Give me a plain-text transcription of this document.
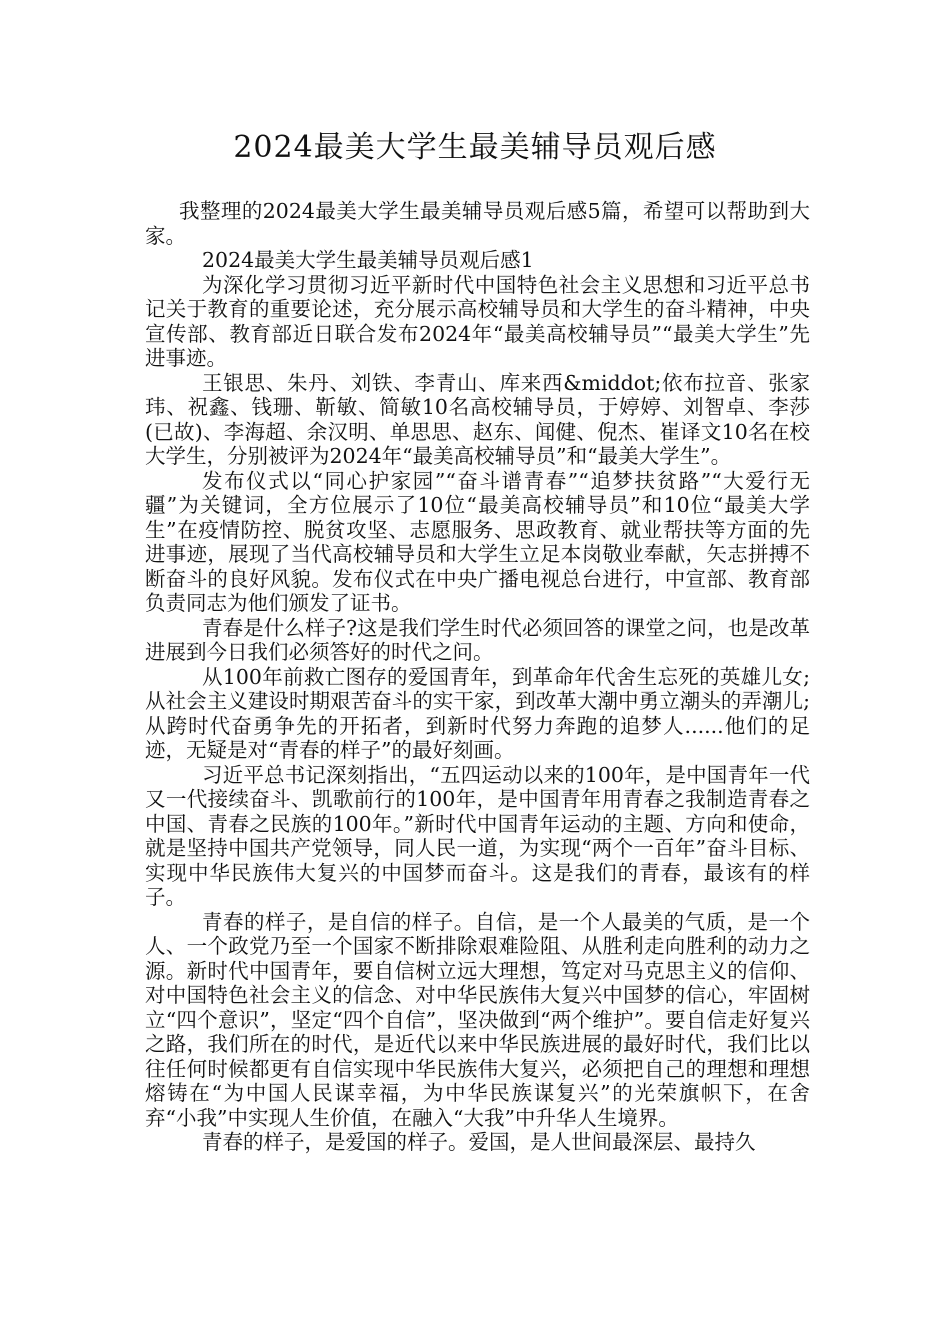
2024最美大学生最美辅导员观后感

我整理的2024最美大学生最美辅导员观后感5篇，希望可以帮助到大家。

2024最美大学生最美辅导员观后感1

为深化学习贯彻习近平新时代中国特色社会主义思想和习近平总书记关于教育的重要论述，充分展示高校辅导员和大学生的奋斗精神，中央宣传部、教育部近日联合发布2024年“最美高校辅导员”“最美大学生”先进事迹。

王银思、朱丹、刘铁、李青山、库来西&middot;依布拉音、张家玮、祝鑫、钱珊、靳敏、简敏10名高校辅导员，于婷婷、刘智卓、李莎(已故)、李海超、余汉明、单思思、赵东、闻健、倪杰、崔译文10名在校大学生，分别被评为2024年“最美高校辅导员”和“最美大学生”。

发布仪式以“同心护家园”“奋斗谱青春”“追梦扶贫路”“大爱行无疆”为关键词，全方位展示了10位“最美高校辅导员”和10位“最美大学生”在疫情防控、脱贫攻坚、志愿服务、思政教育、就业帮扶等方面的先进事迹，展现了当代高校辅导员和大学生立足本岗敬业奉献，矢志拼搏不断奋斗的良好风貌。发布仪式在中央广播电视总台进行，中宣部、教育部负责同志为他们颁发了证书。

青春是什么样子?这是我们学生时代必须回答的课堂之问，也是改革进展到今日我们必须答好的时代之问。

从100年前救亡图存的爱国青年，到革命年代舍生忘死的英雄儿女;从社会主义建设时期艰苦奋斗的实干家，到改革大潮中勇立潮头的弄潮儿;从跨时代奋勇争先的开拓者，到新时代努力奔跑的追梦人......他们的足迹，无疑是对“青春的样子”的最好刻画。

习近平总书记深刻指出，“五四运动以来的100年，是中国青年一代又一代接续奋斗、凯歌前行的100年，是中国青年用青春之我制造青春之中国、青春之民族的100年。”新时代中国青年运动的主题、方向和使命，就是坚持中国共产党领导，同人民一道，为实现“两个一百年”奋斗目标、实现中华民族伟大复兴的中国梦而奋斗。这是我们的青春，最该有的样子。

青春的样子，是自信的样子。自信，是一个人最美的气质，是一个人、一个政党乃至一个国家不断排除艰难险阻、从胜利走向胜利的动力之源。新时代中国青年，要自信树立远大理想，笃定对马克思主义的信仰、对中国特色社会主义的信念、对中华民族伟大复兴中国梦的信心，牢固树立“四个意识”，坚定“四个自信”，坚决做到“两个维护”。要自信走好复兴之路，我们所在的时代，是近代以来中华民族进展的最好时代，我们比以往任何时候都更有自信实现中华民族伟大复兴，必须把自己的理想和理想熔铸在“为中国人民谋幸福，为中华民族谋复兴”的光荣旗帜下，在舍弃“小我”中实现人生价值，在融入“大我”中升华人生境界。

青春的样子，是爱国的样子。爱国，是人世间最深层、最持久
